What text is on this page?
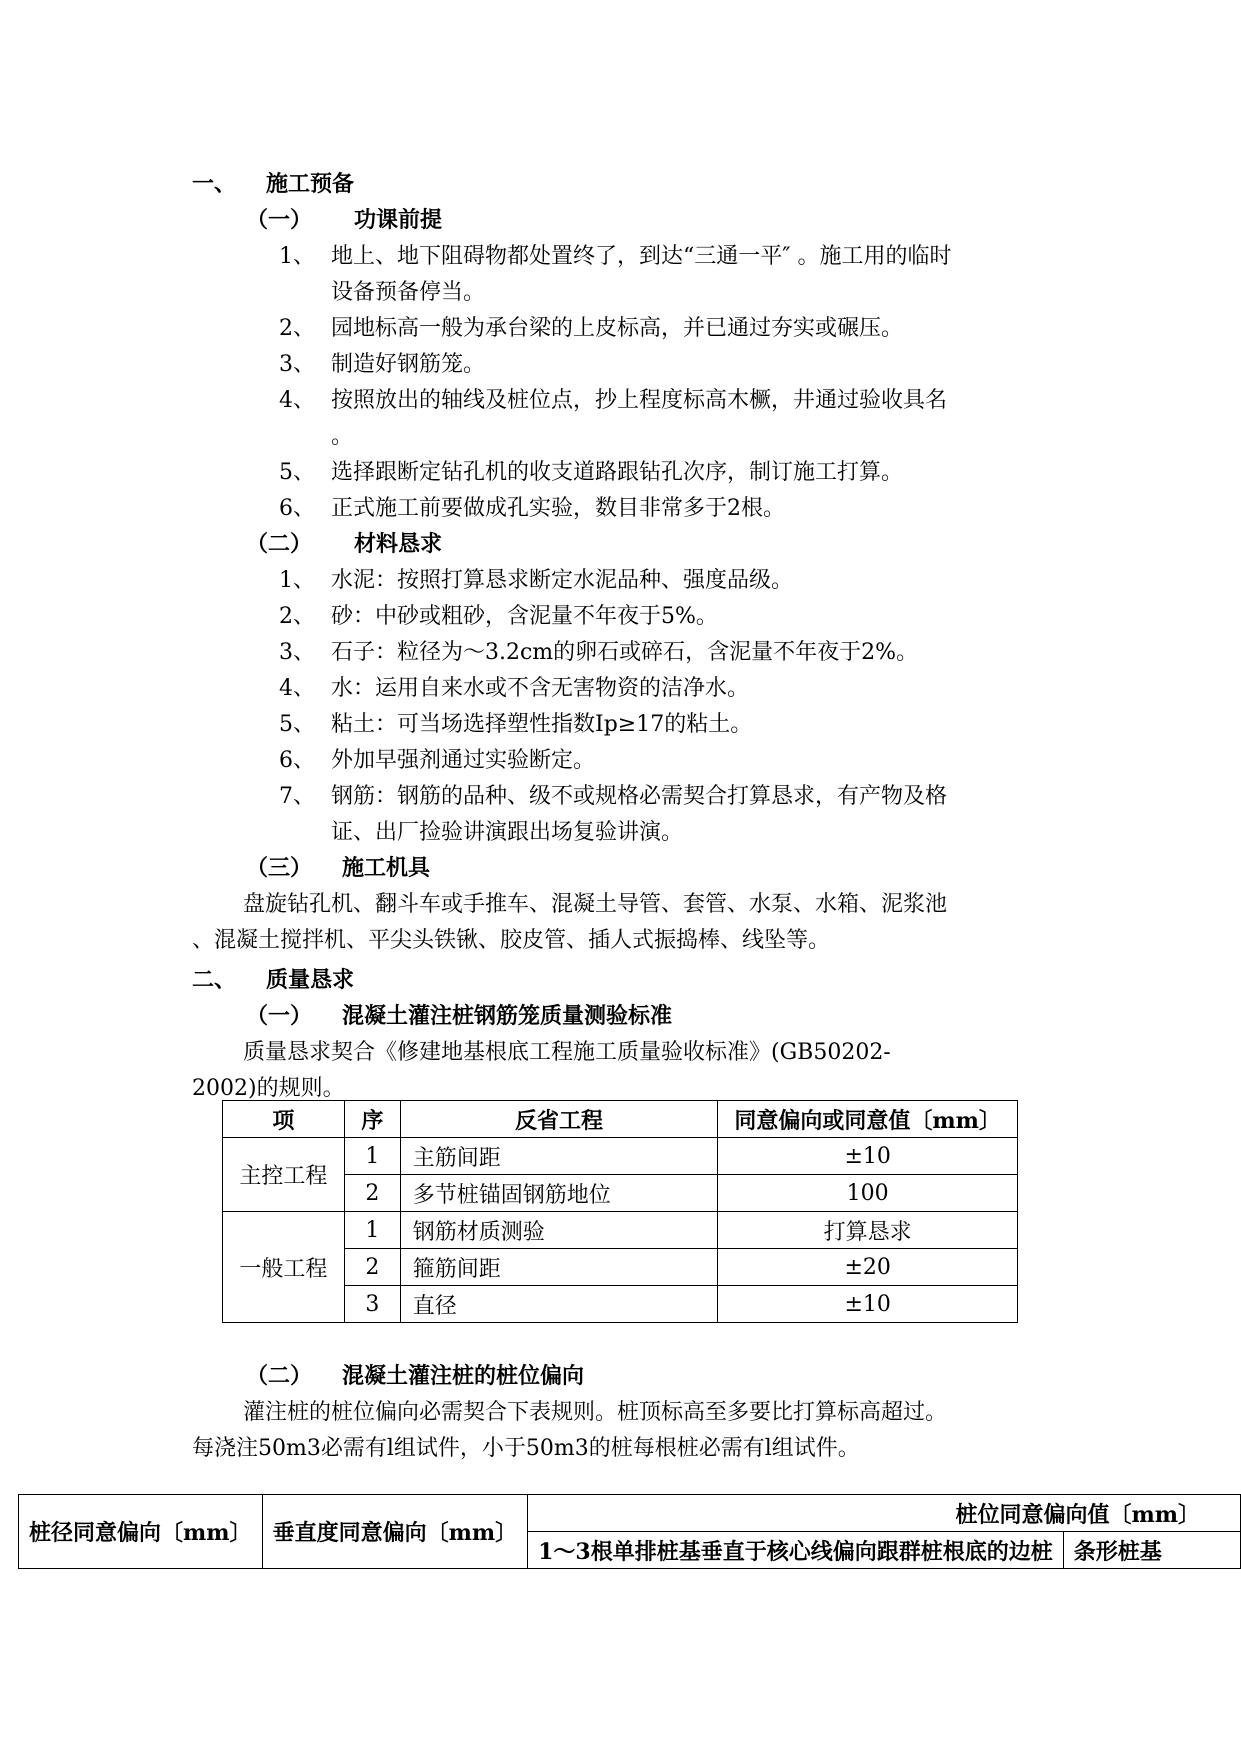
一、 施工预备
（一） 功课前提
1、 地上、地下阻碍物都处置终了，到达“三通一平″ 。施工用的临时
设备预备停当。
2、 园地标高一般为承台梁的上皮标高，并已通过夯实或碾压。
3、 制造好钢筋笼。
4、 按照放出的轴线及桩位点，抄上程度标高木橛，井通过验收具名
。
5、 选择跟断定钻孔机的收支道路跟钻孔次序，制订施工打算。
6、 正式施工前要做成孔实验，数目非常多于2根。
（二） 材料恳求
1、 水泥：按照打算恳求断定水泥品种、强度品级。
2、 砂：中砂或粗砂，含泥量不年夜于5%。
3、 石子：粒径为～3.2cm的卵石或碎石，含泥量不年夜于2%。
4、 水：运用自来水或不含无害物资的洁净水。
5、 粘土：可当场选择塑性指数Ip≥17的粘土。
6、 外加早强剂通过实验断定。
7、 钢筋：钢筋的品种、级不或规格必需契合打算恳求，有产物及格
证、出厂捡验讲演跟出场复验讲演。
（三） 施工机具
盘旋钻孔机、翻斗车或手推车、混凝土导管、套管、水泵、水箱、泥浆池
、混凝土搅拌机、平尖头铁锹、胶皮管、插人式振捣棒、线坠等。
二、 质量恳求
（一） 混凝土灌注桩钢筋笼质量测验标准
质量恳求契合《修建地基根底工程施工质量验收标准》(GB50202-
2002)的规则。
项	序	反省工程	同意偏向或同意值〔mm〕
主控工程	1	主筋间距	±10
	2	多节桩锚固钢筋地位	100
一般工程	1	钢筋材质测验	打算恳求
	2	箍筋间距	±20
	3	直径	±10
（二） 混凝土灌注桩的桩位偏向
灌注桩的桩位偏向必需契合下表规则。桩顶标高至多要比打算标高超过。
每浇注50m3必需有l组试件，小于50m3的桩每根桩必需有l组试件。
桩径同意偏向〔mm〕	垂直度同意偏向〔mm〕	桩位同意偏向值〔mm〕	
		1～3根单排桩基垂直于核心线偏向跟群桩根底的边桩	条形桩基
